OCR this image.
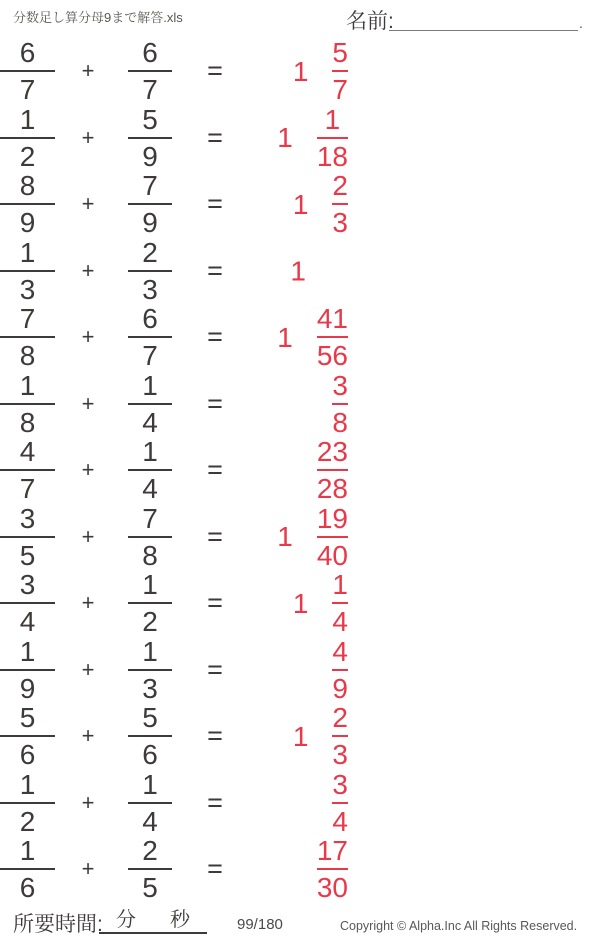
分数足し算分母9まで解答.xls	名前:	.
$\frac{6}{7} + \frac{6}{7}$	=	$1 \frac{5}{7}$
$\frac{1}{2} + \frac{5}{9}$	=	$1 \frac{1}{18}$
$\frac{8}{9} + \frac{7}{9}$	=	$1 \frac{2}{3}$
$\frac{1}{3} + \frac{2}{3}$	=	1
$\frac{7}{8} + \frac{6}{7}$	=	$1 \frac{41}{56}$
$\frac{1}{8} + \frac{1}{4}$	=	$\frac{3}{8}$
$\frac{4}{7} + \frac{1}{4}$	=	$\frac{23}{28}$
$\frac{3}{5} + \frac{7}{8}$	=	$1 \frac{19}{40}$
$\frac{3}{4} + \frac{1}{2}$	=	$1 \frac{1}{4}$
$\frac{1}{9} + \frac{1}{3}$	=	$\frac{4}{9}$
$\frac{5}{6} + \frac{5}{6}$	=	$1 \frac{2}{3}$
$\frac{1}{2} + \frac{1}{4}$	=	$\frac{3}{4}$
$\frac{1}{6} + \frac{2}{5}$	=	$\frac{17}{30}$
所要時間: 分 秒	99/180	Copyright © Alpha.Inc All Rights Reserved.
